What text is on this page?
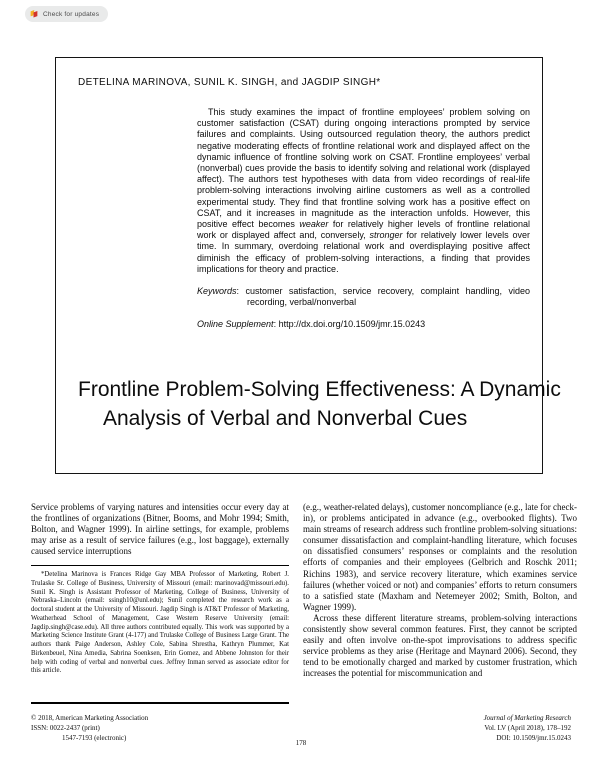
Check for updates
DETELINA MARINOVA, SUNIL K. SINGH, and JAGDIP SINGH*

This study examines the impact of frontline employees’ problem solving on customer satisfaction (CSAT) during ongoing interactions prompted by service failures and complaints. Using outsourced regulation theory, the authors predict negative moderating effects of frontline relational work and displayed affect on the dynamic influence of frontline solving work on CSAT. Frontline employees’ verbal (nonverbal) cues provide the basis to identify solving and relational work (displayed affect). The authors test hypotheses with data from video recordings of real-life problem-solving interactions involving airline customers as well as a controlled experimental study. They find that frontline solving work has a positive effect on CSAT, and it increases in magnitude as the interaction unfolds. However, this positive effect becomes weaker for relatively higher levels of frontline relational work or displayed affect and, conversely, stronger for relatively lower levels over time. In summary, overdoing relational work and overdisplaying positive affect diminish the efficacy of problem-solving interactions, a finding that provides implications for theory and practice.

Keywords: customer satisfaction, service recovery, complaint handling, video recording, verbal/nonverbal

Online Supplement: http://dx.doi.org/10.1509/jmr.15.0243

Frontline Problem-Solving Effectiveness: A Dynamic Analysis of Verbal and Nonverbal Cues

Service problems of varying natures and intensities occur every day at the frontlines of organizations (Bitner, Booms, and Mohr 1994; Smith, Bolton, and Wagner 1999). In airline settings, for example, problems may arise as a result of service failures (e.g., lost baggage), externally caused service interruptions

*Detelina Marinova is Frances Ridge Gay MBA Professor of Marketing, Robert J. Trulaske Sr. College of Business, University of Missouri (email: marinovad@missouri.edu). Sunil K. Singh is Assistant Professor of Marketing, College of Business, University of Nebraska–Lincoln (email: ssingh10@unl.edu); Sunil completed the research work as a doctoral student at the University of Missouri. Jagdip Singh is AT&T Professor of Marketing, Weatherhead School of Management, Case Western Reserve University (email: Jagdip.singh@case.edu). All three authors contributed equally. This work was supported by a Marketing Science Institute Grant (4-177) and Trulaske College of Business Large Grant. The authors thank Paige Anderson, Ashley Cole, Sabina Shrestha, Kathryn Plummer, Kat Birkenbeuel, Nina Amedia, Sabrina Soenksen, Erin Gomez, and Abbene Johnston for their help with coding of verbal and nonverbal cues. Jeffrey Inman served as associate editor for this article.

(e.g., weather-related delays), customer noncompliance (e.g., late for check-in), or problems anticipated in advance (e.g., overbooked flights). Two main streams of research address such frontline problem-solving situations: consumer dissatisfaction and complaint-handling literature, which focuses on dissatisfied consumers’ responses or complaints and the resolution efforts of companies and their employees (Gelbrich and Roschk 2011; Richins 1983), and service recovery literature, which examines service failures (whether voiced or not) and companies’ efforts to return consumers to a satisfied state (Maxham and Netemeyer 2002; Smith, Bolton, and Wagner 1999).

Across these different literature streams, problem-solving interactions consistently show several common features. First, they cannot be scripted easily and often involve on-the-spot improvisations to address specific service problems as they arise (Heritage and Maynard 2006). Second, they tend to be emotionally charged and marked by customer frustration, which increases the potential for miscommunication and

© 2018, American Marketing Association

ISSN: 0022-2437 (print)

1547-7193 (electronic)

178

Journal of Marketing Research

Vol. LV (April 2018), 178–192

DOI: 10.1509/jmr.15.0243
